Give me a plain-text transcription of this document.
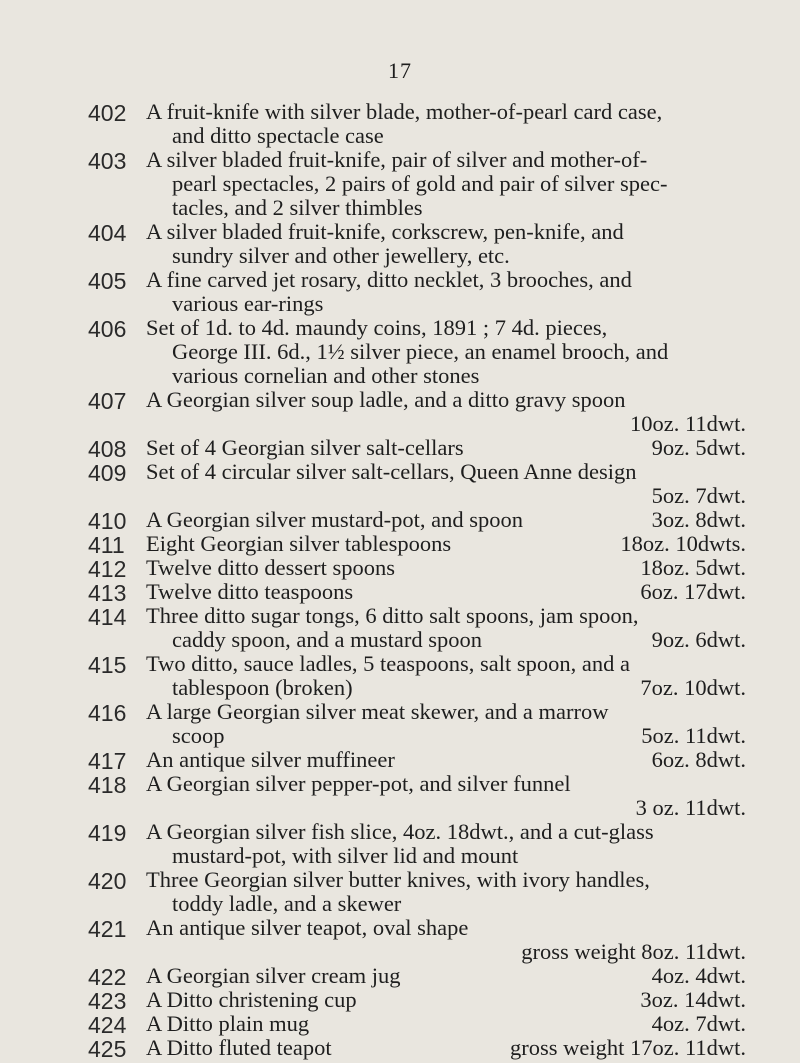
17
402 A fruit-knife with silver blade, mother-of-pearl card case,
and ditto spectacle case
403 A silver bladed fruit-knife, pair of silver and mother-of-
pearl spectacles, 2 pairs of gold and pair of silver spec-
tacles, and 2 silver thimbles
404 A silver bladed fruit-knife, corkscrew, pen-knife, and
sundry silver and other jewellery, etc.
405 A fine carved jet rosary, ditto necklet, 3 brooches, and
various ear-rings
406 Set of 1d. to 4d. maundy coins, 1891 ; 7 4d. pieces,
George III. 6d., 1½ silver piece, an enamel brooch, and
various cornelian and other stones
407 A Georgian silver soup ladle, and a ditto gravy spoon
10oz. 11dwt.
408 Set of 4 Georgian silver salt-cellars	9oz. 5dwt.
409 Set of 4 circular silver salt-cellars, Queen Anne design
5oz. 7dwt.
410 A Georgian silver mustard-pot, and spoon	3oz. 8dwt.
411 Eight Georgian silver tablespoons	18oz. 10dwts.
412 Twelve ditto dessert spoons	18oz. 5dwt.
413 Twelve ditto teaspoons	6oz. 17dwt.
414 Three ditto sugar tongs, 6 ditto salt spoons, jam spoon,
caddy spoon, and a mustard spoon	9oz. 6dwt.
415 Two ditto, sauce ladles, 5 teaspoons, salt spoon, and a
tablespoon (broken)	7oz. 10dwt.
416 A large Georgian silver meat skewer, and a marrow
scoop	5oz. 11dwt.
417 An antique silver muffineer	6oz. 8dwt.
418 A Georgian silver pepper-pot, and silver funnel
3 oz. 11dwt.
419 A Georgian silver fish slice, 4oz. 18dwt., and a cut-glass
mustard-pot, with silver lid and mount
420 Three Georgian silver butter knives, with ivory handles,
toddy ladle, and a skewer
421 An antique silver teapot, oval shape
gross weight 8oz. 11dwt.
422 A Georgian silver cream jug	4oz. 4dwt.
423 A Ditto christening cup	3oz. 14dwt.
424 A Ditto plain mug	4oz. 7dwt.
425 A Ditto fluted teapot	gross weight 17oz. 11dwt.
